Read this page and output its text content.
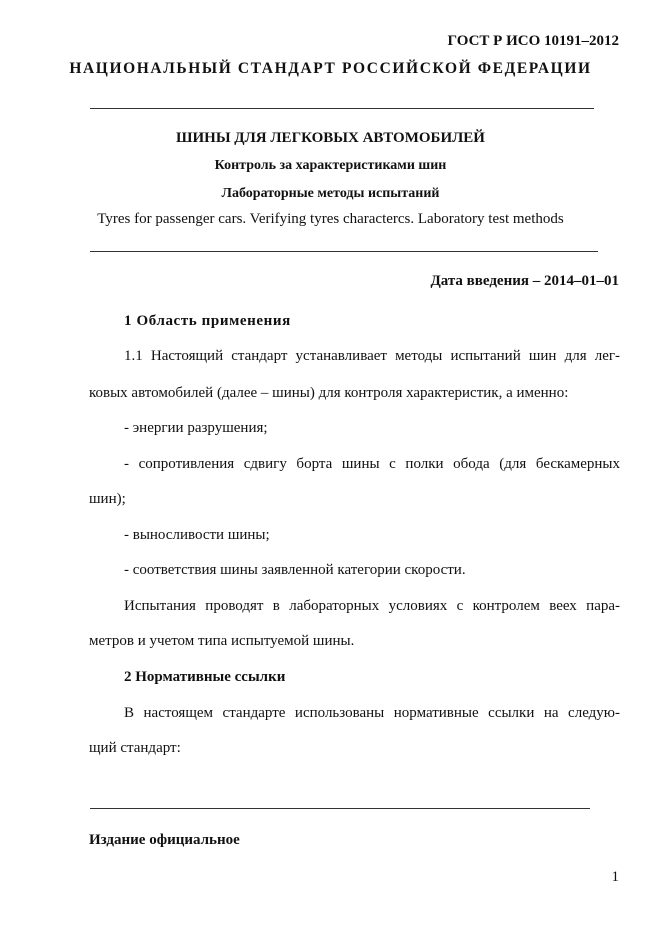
ГОСТ Р ИСО 10191–2012
НАЦИОНАЛЬНЫЙ СТАНДАРТ РОССИЙСКОЙ ФЕДЕРАЦИИ
ШИНЫ ДЛЯ ЛЕГКОВЫХ АВТОМОБИЛЕЙ
Контроль за характеристиками шин
Лабораторные методы испытаний
Tyres for passenger cars. Verifying tyres charactercs. Laboratory test methods
Дата введения – 2014–01–01
1 Область применения
1.1 Настоящий стандарт устанавливает методы испытаний шин для лег-
ковых автомобилей (далее – шины) для контроля характеристик, а именно:
- энергии разрушения;
- сопротивления сдвигу борта шины с полки обода (для бескамерных
шин);
- выносливости шины;
- соответствия шины заявленной категории скорости.
Испытания проводят в лабораторных условиях с контролем веех пара-
метров и учетом типа испытуемой шины.
2 Нормативные ссылки
В настоящем стандарте использованы нормативные ссылки на следую-
щий стандарт:
Издание официальное
1
